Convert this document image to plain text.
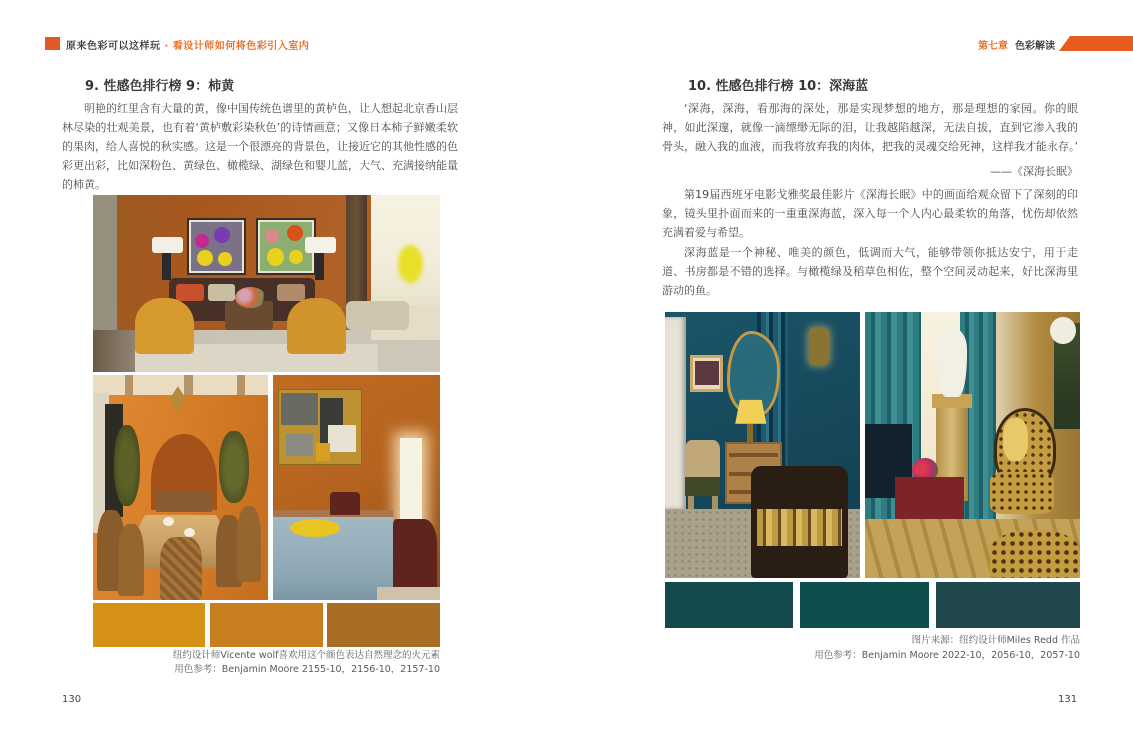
原来色彩可以这样玩 · 看设计师如何将色彩引入室内	第七章 色彩解读
9. 性感色排行榜 9：柿黄
明艳的红里含有大量的黄，像中国传统色谱里的黄栌色，让人想起北京香山层林尽染的壮观美景，也有着‘黄栌敷彩染秋色’的诗情画意；又像日本柿子鲜嫩柔软的果肉，给人喜悦的秋实感。这是一个很漂亮的背景色，让接近它的其他性感的色彩更出彩，比如深粉色、黄绿色、橄榄绿、湖绿色和婴儿蓝，大气、充满接纳能量的柿黄。
纽约设计师Vicente wolf喜欢用这个颜色表达自然理念的火元素
用色参考：Benjamin Moore 2155-10，2156-10，2157-10
130
10. 性感色排行榜 10：深海蓝
‘深海，深海，看那海的深处，那是实现梦想的地方，那是理想的家园。你的眼神，如此深邃，就像一滴缥缈无际的泪，让我越陷越深，无法自拔，直到它渗入我的骨头，融入我的血液，而我将放弃我的肉体，把我的灵魂交给死神，这样我才能永存。’
——《深海长眠》
第19届西班牙电影戈雅奖最佳影片《深海长眠》中的画面给观众留下了深刻的印象，镜头里扑面而来的一重重深海蓝，深入每一个人内心最柔软的角落，忧伤却依然充满着爱与希望。
深海蓝是一个神秘、唯美的颜色，低调而大气，能够带领你抵达安宁，用于走道、书房都是不错的选择。与橄榄绿及稻草色相佐，整个空间灵动起来，好比深海里游动的鱼。
图片来源：纽约设计师Miles Redd 作品
用色参考：Benjamin Moore 2022-10，2056-10，2057-10
131
